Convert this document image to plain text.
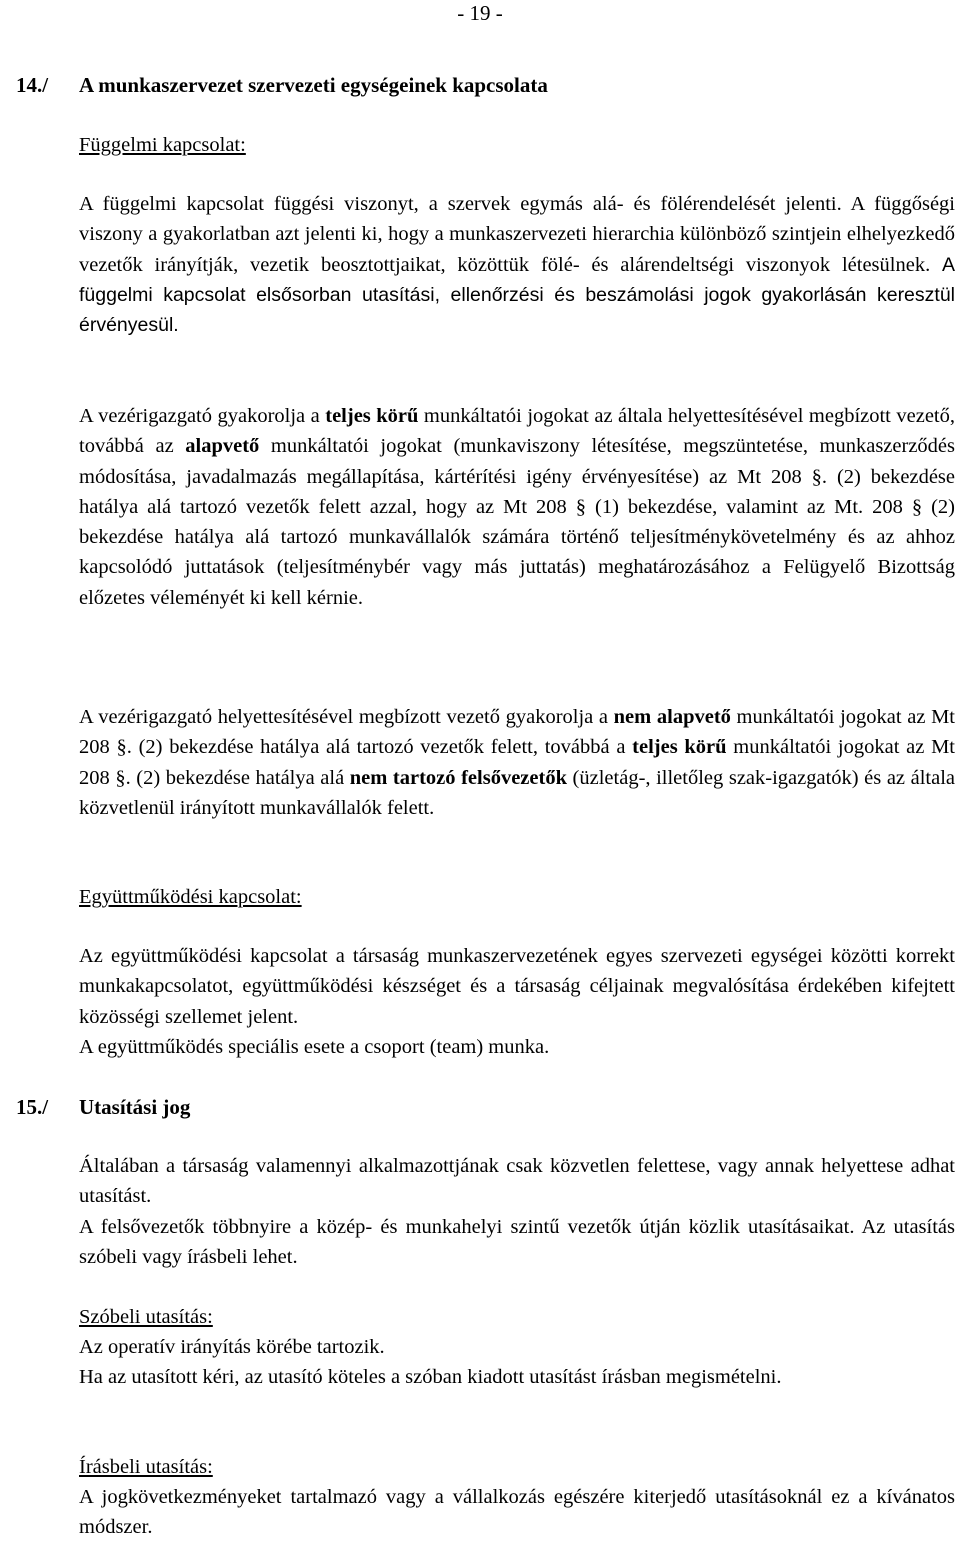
- 19 -
14./ A munkaszervezet szervezeti egységeinek kapcsolata
Függelmi kapcsolat:
A függelmi kapcsolat függési viszonyt, a szervek egymás alá- és fölérendelését jelenti. A függőségi viszony a gyakorlatban azt jelenti ki, hogy a munkaszervezeti hierarchia különböző szintjein elhelyezkedő vezetők irányítják, vezetik beosztottjaikat, közöttük fölé- és alárendeltségi viszonyok létesülnek. A függelmi kapcsolat elsősorban utasítási, ellenőrzési és beszámolási jogok gyakorlásán keresztül érvényesül.
A vezérigazgató gyakorolja a teljes körű munkáltatói jogokat az általa helyettesítésével megbízott vezető, továbbá az alapvető munkáltatói jogokat (munkaviszony létesítése, megszüntetése, munkaszerződés módosítása, javadalmazás megállapítása, kártérítési igény érvényesítése) az Mt 208 §. (2) bekezdése hatálya alá tartozó vezetők felett azzal, hogy az Mt 208 § (1) bekezdése, valamint az Mt. 208 § (2) bekezdése hatálya alá tartozó munkavállalók számára történő teljesítménykövetelmény és az ahhoz kapcsolódó juttatások (teljesítménybér vagy más juttatás) meghatározásához a Felügyelő Bizottság előzetes véleményét ki kell kérnie.
A vezérigazgató helyettesítésével megbízott vezető gyakorolja a nem alapvető munkáltatói jogokat az Mt 208 §. (2) bekezdése hatálya alá tartozó vezetők felett, továbbá a teljes körű munkáltatói jogokat az Mt 208 §. (2) bekezdése hatálya alá nem tartozó felsővezetők (üzletág-, illetőleg szak-igazgatók) és az általa közvetlenül irányított munkavállalók felett.
Együttműködési kapcsolat:

Az együttműködési kapcsolat a társaság munkaszervezetének egyes szervezeti egységei közötti korrekt munkakapcsolatot, együttműködési készséget és a társaság céljainak megvalósítása érdekében kifejtett közösségi szellemet jelent.

A együttműködés speciális esete a csoport (team) munka.

15./ Utasítási jog

Általában a társaság valamennyi alkalmazottjának csak közvetlen felettese, vagy annak helyettese adhat utasítást.

A felsővezetők többnyire a közép- és munkahelyi szintű vezetők útján közlik utasításaikat. Az utasítás szóbeli vagy írásbeli lehet.

Szóbeli utasítás:

Az operatív irányítás körébe tartozik.

Ha az utasított kéri, az utasító köteles a szóban kiadott utasítást írásban megismételni.

Írásbeli utasítás:
A jogkövetkezményeket tartalmazó vagy a vállalkozás egészére kiterjedő utasításoknál ez a kívánatos módszer.
